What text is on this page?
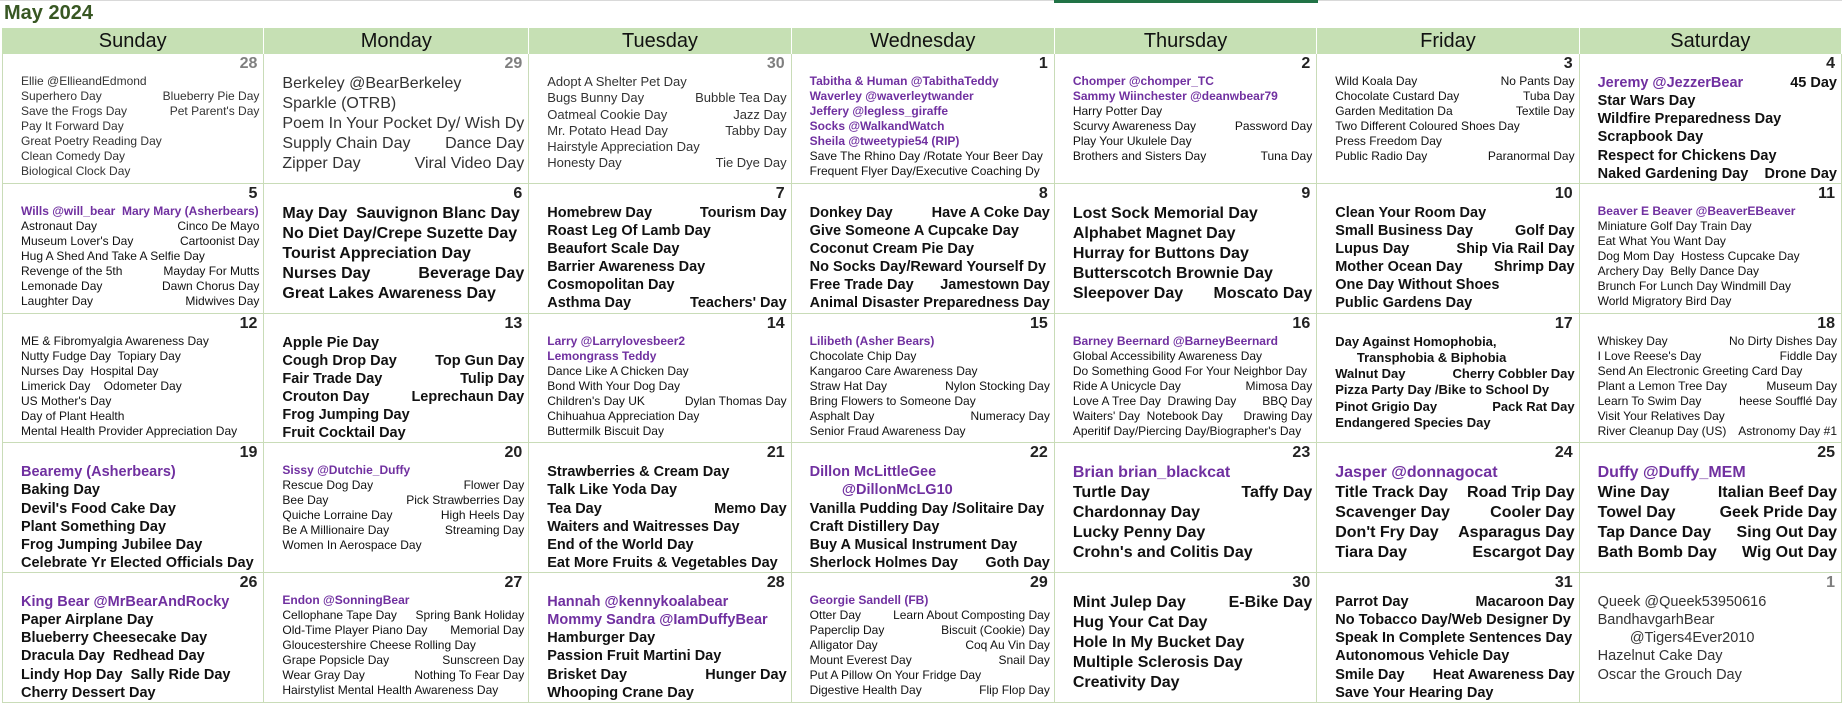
May 2024
Sunday	Monday	Tuesday	Wednesday	Thursday	Friday	Saturday
28
Ellie @EllieandEdmond
Superhero Day	Blueberry Pie Day
Save the Frogs Day	Pet Parent's Day
Pay It Forward Day
Great Poetry Reading Day
Clean Comedy Day
Biological Clock Day
29
Berkeley @BearBerkeley
Sparkle (OTRB)
Poem In Your Pocket Dy/ Wish Dy
Supply Chain Day Dance Day
Zipper Day	Viral Video Day
30
Adopt A Shelter Pet Day
Bugs Bunny Day	Bubble Tea Day
Oatmeal Cookie Day	Jazz Day
Mr. Potato Head Day	Tabby Day
Hairstyle Appreciation Day
Honesty Day	Tie Dye Day
1
Tabitha & Human @TabithaTeddy
Waverley @waverleytwander
Jeffery @legless_giraffe
Socks @WalkandWatch
Sheila @tweetypie54 (RIP)
Save The Rhino Day /Rotate Your Beer Day
Frequent Flyer Day/Executive Coaching Dy
2
Chomper @chomper_TC
Sammy Wiinchester @deanwbear79
Harry Potter Day
Scurvy Awareness Day	Password Day
Play Your Ukulele Day
Brothers and Sisters Day	Tuna Day
3
Wild Koala Day	No Pants Day
Chocolate Custard Day	Tuba Day
Garden Meditation Da	Textile Day
Two Different Coloured Shoes Day
Press Freedom Day
Public Radio Day	Paranormal Day
4
Jeremy @JezzerBear	45 Day
Star Wars Day
Wildfire Preparedness Day
Scrapbook Day
Respect for Chickens Day
Naked Gardening Day Drone Day
5
Wills @will_bear  Mary Mary (Asherbears)
Astronaut Day	Cinco De Mayo
Museum Lover's Day	Cartoonist Day
Hug A Shed And Take A Selfie Day
Revenge of the 5th	Mayday For Mutts
Lemonade Day	Dawn Chorus Day
Laughter Day	Midwives Day
6
May Day  Sauvignon Blanc Day
No Diet Day/Crepe Suzette Day
Tourist Appreciation Day
Nurses Day	Beverage Day
Great Lakes Awareness Day
7
Homebrew Day	Tourism Day
Roast Leg Of Lamb Day
Beaufort Scale Day
Barrier Awareness Day
Cosmopolitan Day
Asthma Day	Teachers' Day
8
Donkey Day	Have A Coke Day
Give Someone A Cupcake Day
Coconut Cream Pie Day
No Socks Day/Reward Yourself Dy
Free Trade Day Jamestown Day
Animal Disaster Preparedness Day
9
Lost Sock Memorial Day
Alphabet Magnet Day
Hurray for Buttons Day
Butterscotch Brownie Day
Sleepover Day Moscato Day
10
Clean Your Room Day
Small Business Day	Golf Day
Lupus Day	Ship Via Rail Day
Mother Ocean Day Shrimp Day
One Day Without Shoes
Public Gardens Day
11
Beaver E Beaver @BeaverEBeaver
Miniature Golf Day Train Day
Eat What You Want Day
Dog Mom Day  Hostess Cupcake Day
Archery Day  Belly Dance Day
Brunch For Lunch Day Windmill Day
World Migratory Bird Day
12
ME & Fibromyalgia Awareness Day
Nutty Fudge Day  Topiary Day
Nurses Day  Hospital Day
Limerick Day    Odometer Day
US Mother's Day
Day of Plant Health
Mental Health Provider Appreciation Day
13
Apple Pie Day
Cough Drop Day	Top Gun Day
Fair Trade Day	Tulip Day
Crouton Day	Leprechaun Day
Frog Jumping Day
Fruit Cocktail Day
14
Larry @Larrylovesbeer2
Lemongrass Teddy
Dance Like A Chicken Day
Bond With Your Dog Day
Children's Day UK	Dylan Thomas Day
Chihuahua Appreciation Day
Buttermilk Biscuit Day
15
Lilibeth (Asher Bears)
Chocolate Chip Day
Kangaroo Care Awareness Day
Straw Hat Day	Nylon Stocking Day
Bring Flowers to Someone Day
Asphalt Day	Numeracy Day
Senior Fraud Awareness Day
16
Barney Beernard @BarneyBeernard
Global Accessibility Awareness Day
Do Something Good For Your Neighbor Day
Ride A Unicycle Day	Mimosa Day
Love A Tree Day  Drawing Day BBQ Day
Waiters' Day  Notebook Day Drawing Day
Aperitif Day/Piercing Day/Biographer's Day
17
Day Against Homophobia,
Transphobia & Biphobia
Walnut Day	Cherry Cobbler Day
Pizza Party Day /Bike to School Dy
Pinot Grigio Day	Pack Rat Day
Endangered Species Day
18
Whiskey Day	No Dirty Dishes Day
I Love Reese's Day	Fiddle Day
Send An Electronic Greeting Card Day
Plant a Lemon Tree Day	Museum Day
Learn To Swim Day	heese Soufflé Day
Visit Your Relatives Day
River Cleanup Day (US) Astronomy Day #1
19
Bearemy (Asherbears)
Baking Day
Devil's Food Cake Day
Plant Something Day
Frog Jumping Jubilee Day
Celebrate Yr Elected Officials Day
20
Sissy @Dutchie_Duffy
Rescue Dog Day	Flower Day
Bee Day	Pick Strawberries Day
Quiche Lorraine Day	High Heels Day
Be A Millionaire Day	Streaming Day
Women In Aerospace Day
21
Strawberries & Cream Day
Talk Like Yoda Day
Tea Day	Memo Day
Waiters and Waitresses Day
End of the World Day
Eat More Fruits & Vegetables Day
22
Dillon McLittleGee
@DillonMcLG10
Vanilla Pudding Day /Solitaire Day
Craft Distillery Day
Buy A Musical Instrument Day
Sherlock Holmes Day Goth Day
23
Brian brian_blackcat
Turtle Day	Taffy Day
Chardonnay Day
Lucky Penny Day
Crohn's and Colitis Day
24
Jasper @donnagocat
Title Track Day Road Trip Day
Scavenger Day	Cooler Day
Don't Fry Day Asparagus Day
Tiara Day	Escargot Day
25
Duffy @Duffy_MEM
Wine Day	Italian Beef Day
Towel Day	Geek Pride Day
Tap Dance Day Sing Out Day
Bath Bomb Day Wig Out Day
26
King Bear @MrBearAndRocky
Paper Airplane Day
Blueberry Cheesecake Day
Dracula Day  Redhead Day
Lindy Hop Day  Sally Ride Day
Cherry Dessert Day
27
Endon @SonningBear
Cellophane Tape Day Spring Bank Holiday
Old-Time Player Piano Day Memorial Day
Gloucestershire Cheese Rolling Day
Grape Popsicle Day	Sunscreen Day
Wear Gray Day	Nothing To Fear Day
Hairstylist Mental Health Awareness Day
28
Hannah @kennykoalabear
Mommy Sandra @IamDuffyBear
Hamburger Day
Passion Fruit Martini Day
Brisket Day	Hunger Day
Whooping Crane Day
29
Georgie Sandell (FB)
Otter Day	Learn About Composting Day
Paperclip Day	Biscuit (Cookie) Day
Alligator Day	Coq Au Vin Day
Mount Everest Day	Snail Day
Put A Pillow On Your Fridge Day
Digestive Health Day	Flip Flop Day
30
Mint Julep Day	E-Bike Day
Hug Your Cat Day
Hole In My Bucket Day
Multiple Sclerosis Day
Creativity Day
31
Parrot Day	Macaroon Day
No Tobacco Day/Web Designer Dy
Speak In Complete Sentences Day
Autonomous Vehicle Day
Smile Day Heat Awareness Day
Save Your Hearing Day
1
Queek @Queek53950616
BandhavgarhBear
@Tigers4Ever2010
Hazelnut Cake Day
Oscar the Grouch Day
